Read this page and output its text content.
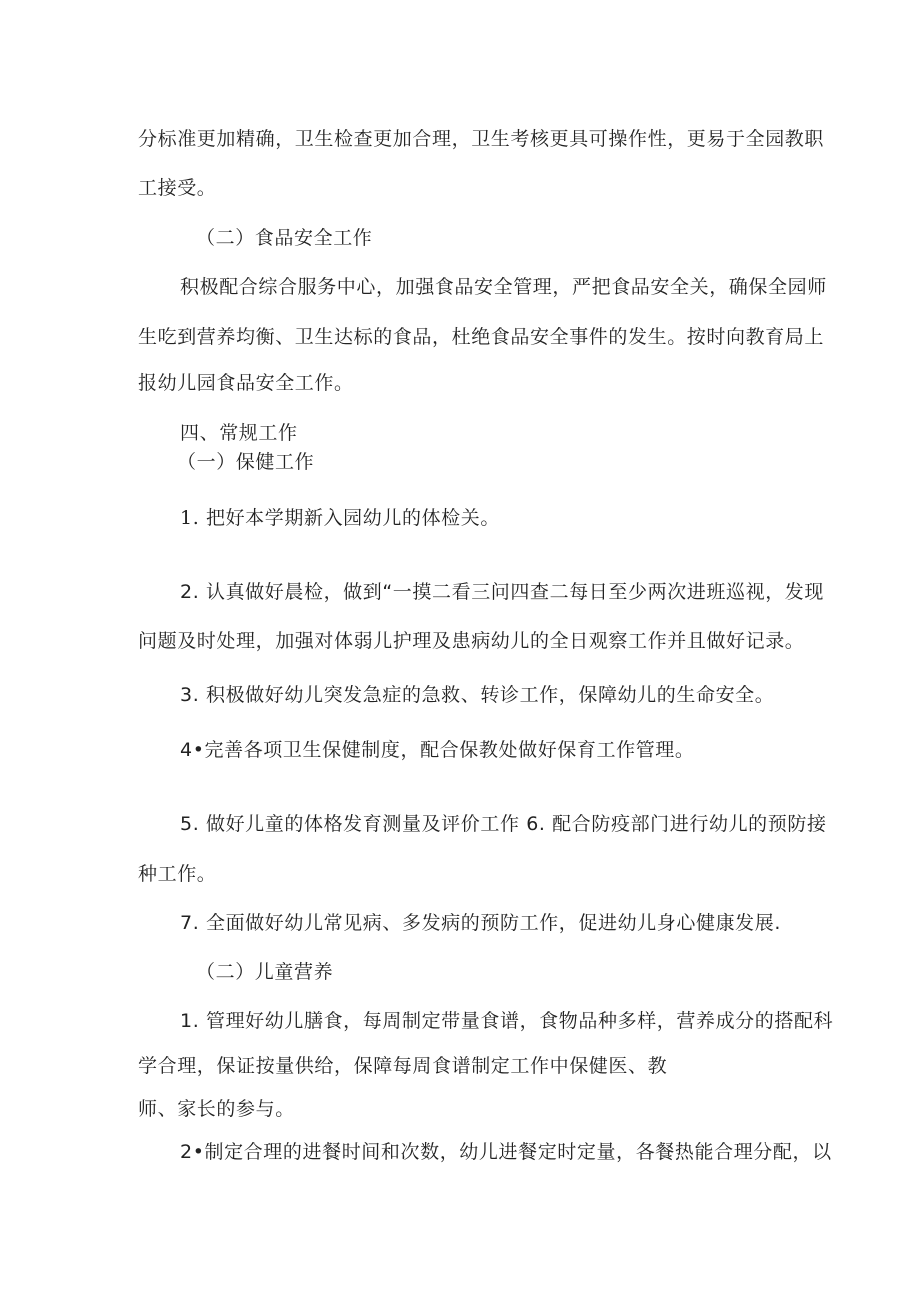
分标准更加精确，卫生检查更加合理，卫生考核更具可操作性，更易于全园教职
工接受。
（二）食品安全工作
积极配合综合服务中心，加强食品安全管理，严把食品安全关，确保全园师
生吃到营养均衡、卫生达标的食品，杜绝食品安全事件的发生。按时向教育局上
报幼儿园食品安全工作。
四、常规工作
（一）保健工作
1. 把好本学期新入园幼儿的体检关。
2. 认真做好晨检，做到“一摸二看三问四查二每日至少两次进班巡视，发现
问题及时处理，加强对体弱儿护理及患病幼儿的全日观察工作并且做好记录。
3. 积极做好幼儿突发急症的急救、转诊工作，保障幼儿的生命安全。
4•完善各项卫生保健制度，配合保教处做好保育工作管理。
5. 做好儿童的体格发育测量及评价工作 6. 配合防疫部门进行幼儿的预防接
种工作。
7. 全面做好幼儿常见病、多发病的预防工作，促进幼儿身心健康发展.
（二）儿童营养
1. 管理好幼儿膳食，每周制定带量食谱，食物品种多样，营养成分的搭配科
学合理，保证按量供给，保障每周食谱制定工作中保健医、教
师、家长的参与。
2•制定合理的进餐时间和次数，幼儿进餐定时定量，各餐热能合理分配，以
